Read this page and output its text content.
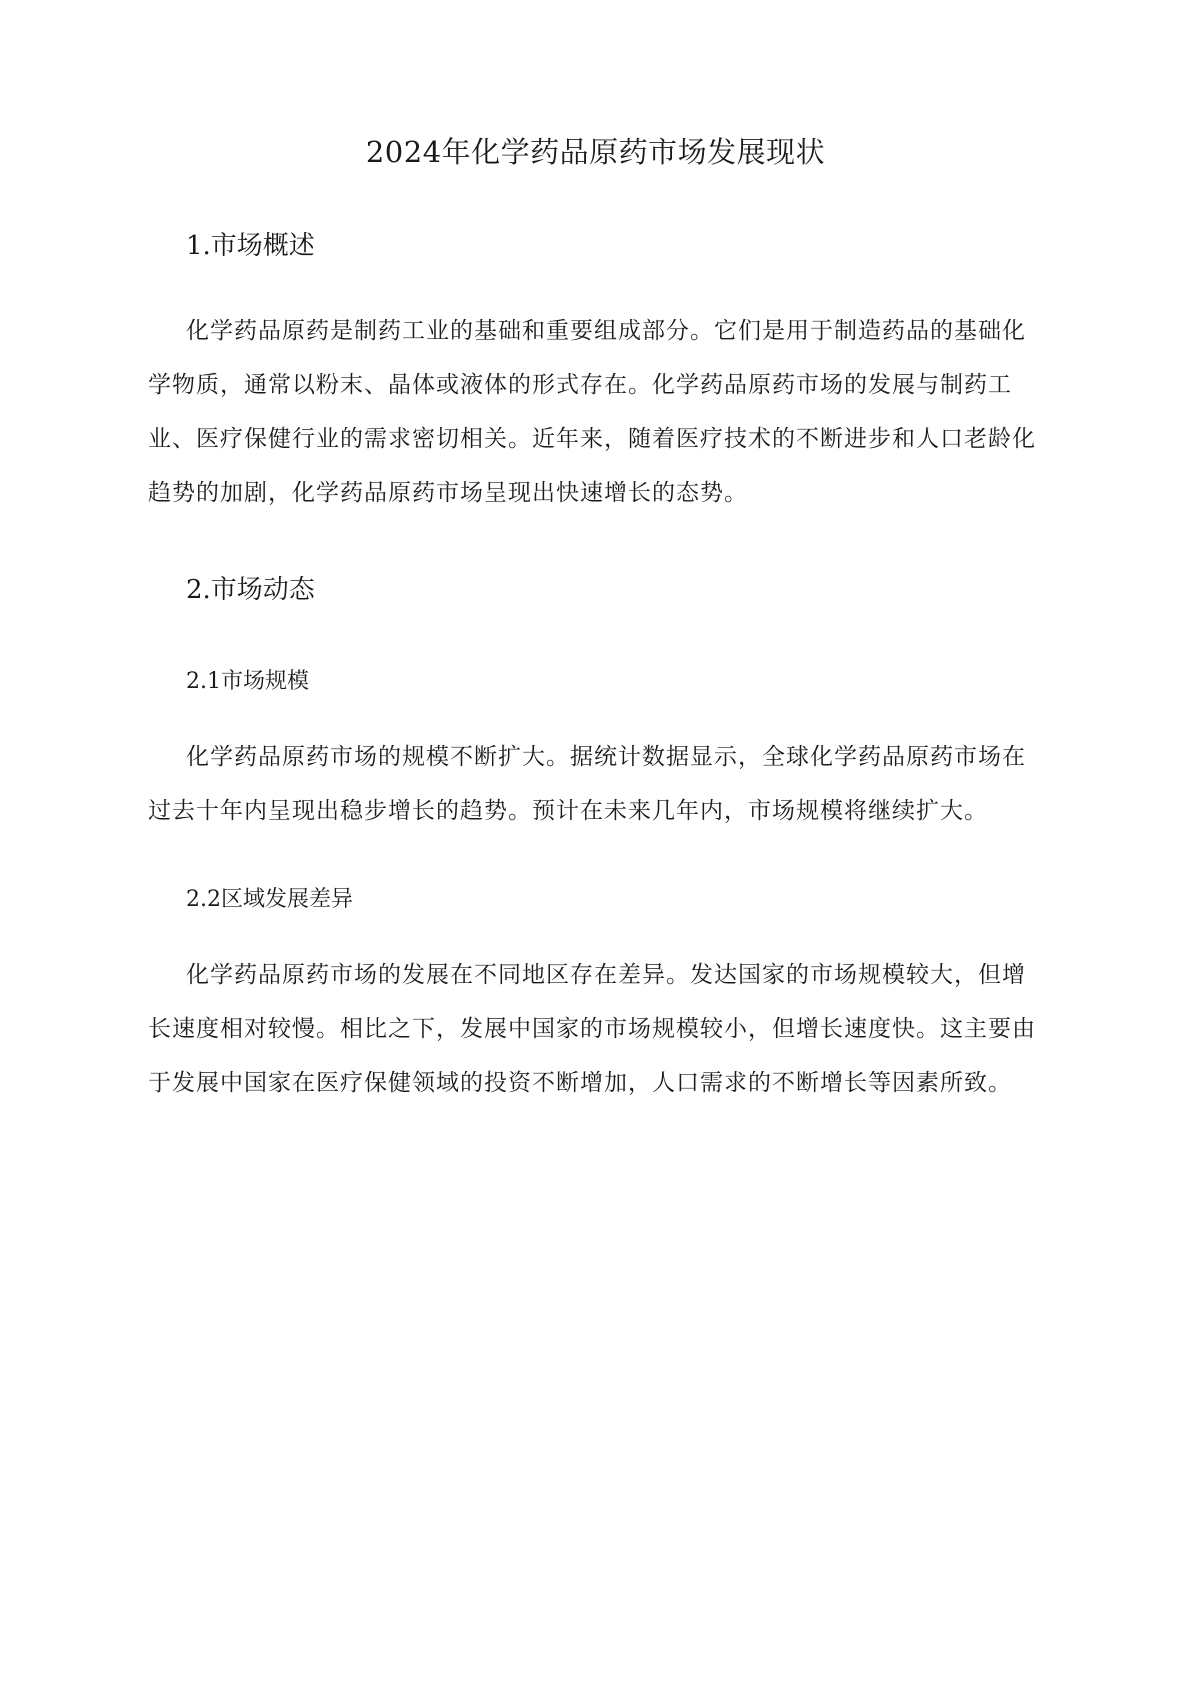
2024年化学药品原药市场发展现状
1.市场概述

化学药品原药是制药工业的基础和重要组成部分。它们是用于制造药品的基础化学物质，通常以粉末、晶体或液体的形式存在。化学药品原药市场的发展与制药工业、医疗保健行业的需求密切相关。近年来，随着医疗技术的不断进步和人口老龄化趋势的加剧，化学药品原药市场呈现出快速增长的态势。

2.市场动态
2.1市场规模

化学药品原药市场的规模不断扩大。据统计数据显示，全球化学药品原药市场在过去十年内呈现出稳步增长的趋势。预计在未来几年内，市场规模将继续扩大。

2.2区域发展差异

化学药品原药市场的发展在不同地区存在差异。发达国家的市场规模较大，但增长速度相对较慢。相比之下，发展中国家的市场规模较小，但增长速度快。这主要由于发展中国家在医疗保健领域的投资不断增加，人口需求的不断增长等因素所致。
